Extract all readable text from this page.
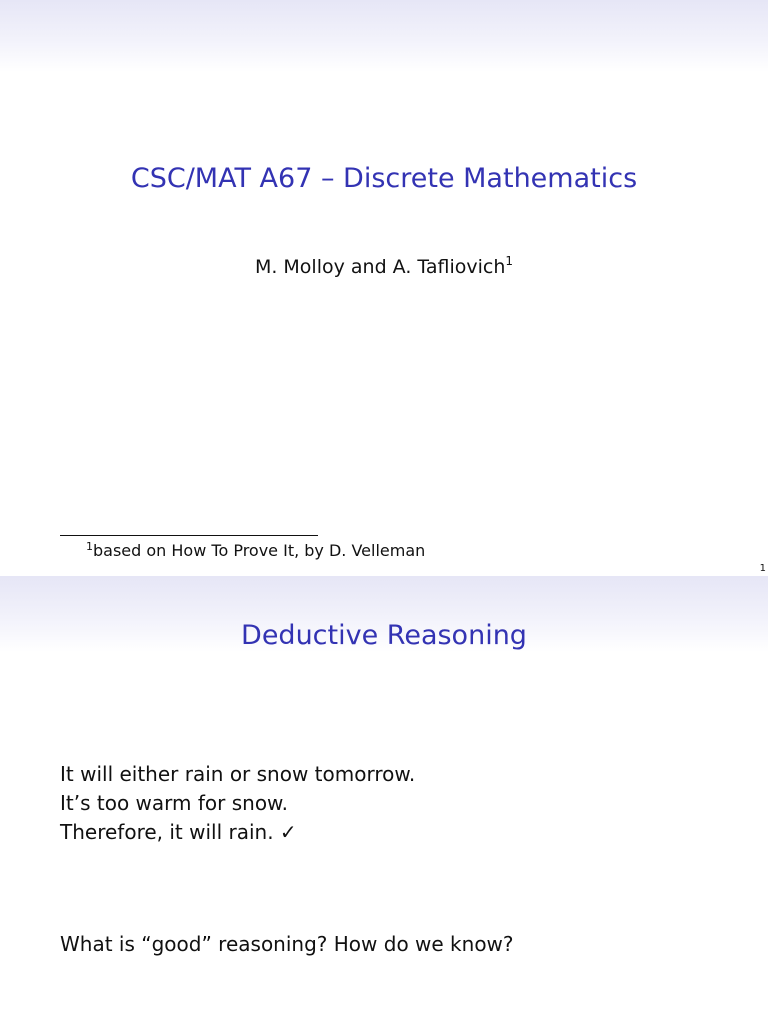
CSC/MAT A67 – Discrete Mathematics
M. Molloy and A. Tafliovich$^1$
$^1$based on How To Prove It, by D. Velleman
1
Deductive Reasoning
It will either rain or snow tomorrow.
It’s too warm for snow.
Therefore, it will rain. ✓
What is “good” reasoning? How do we know?
